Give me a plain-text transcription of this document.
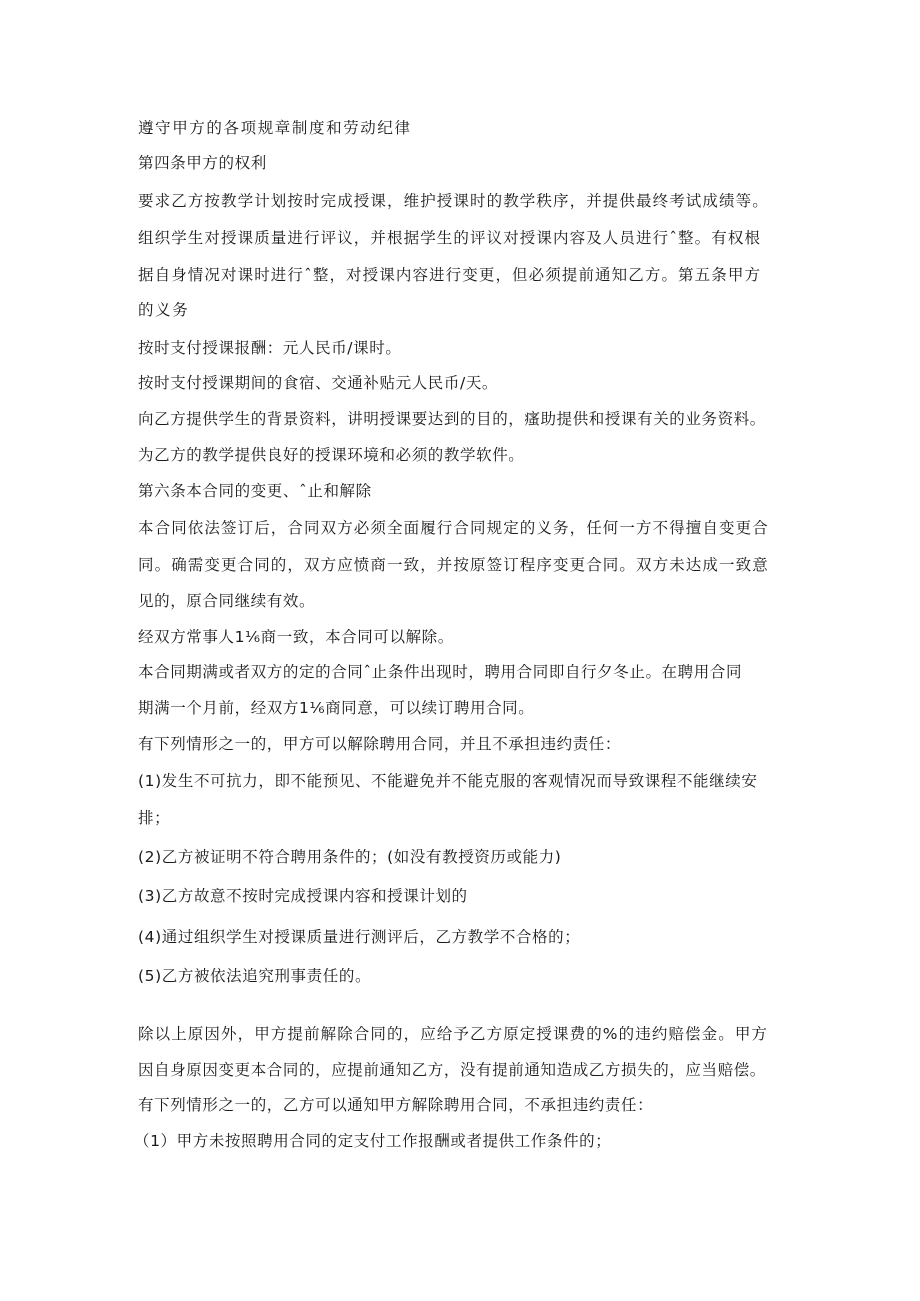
遵守甲方的各项规章制度和劳动纪律
第四条甲方的权利
要求乙方按教学计划按时完成授课，维护授课时的教学秩序，并提供最终考试成绩等。
组织学生对授课质量进行评议，并根据学生的评议对授课内容及人员进行ˆ整。有权根
据自身情况对课时进行ˆ整，对授课内容进行变更，但必须提前通知乙方。第五条甲方
的义务
按时支付授课报酬：元人民币/课时。
按时支付授课期间的食宿、交通补贴元人民币/天。
向乙方提供学生的背景资料，讲明授课要达到的目的，瘙助提供和授课有关的业务资料。
为乙方的教学提供良好的授课环境和必须的教学软件。
第六条本合同的变更、ˆ止和解除
本合同依法签订后，合同双方必须全面履行合同规定的义务，任何一方不得擅自变更合
同。确需变更合同的，双方应愤商一致，并按原签订程序变更合同。双方未达成一致意
见的，原合同继续有效。
经双方常事人1⅙商一致，本合同可以解除。
本合同期满或者双方的定的合同ˆ止条件出现时，聘用合同即自行夕冬止。在聘用合同
期满一个月前，经双方1⅙商同意，可以续订聘用合同。
有下列情形之一的，甲方可以解除聘用合同，并且不承担违约责任：
(1)发生不可抗力，即不能预见、不能避免并不能克服的客观情况而导致课程不能继续安
排；
(2)乙方被证明不符合聘用条件的；(如没有教授资历或能力)
(3)乙方故意不按时完成授课内容和授课计划的
(4)通过组织学生对授课质量进行测评后，乙方教学不合格的；
(5)乙方被依法追究刑事责任的。
除以上原因外，甲方提前解除合同的，应给予乙方原定授课费的%的违约赔偿金。甲方
因自身原因变更本合同的，应提前通知乙方，没有提前通知造成乙方损失的，应当赔偿。
有下列情形之一的，乙方可以通知甲方解除聘用合同，不承担违约责任：
（1）甲方未按照聘用合同的定支付工作报酬或者提供工作条件的；
